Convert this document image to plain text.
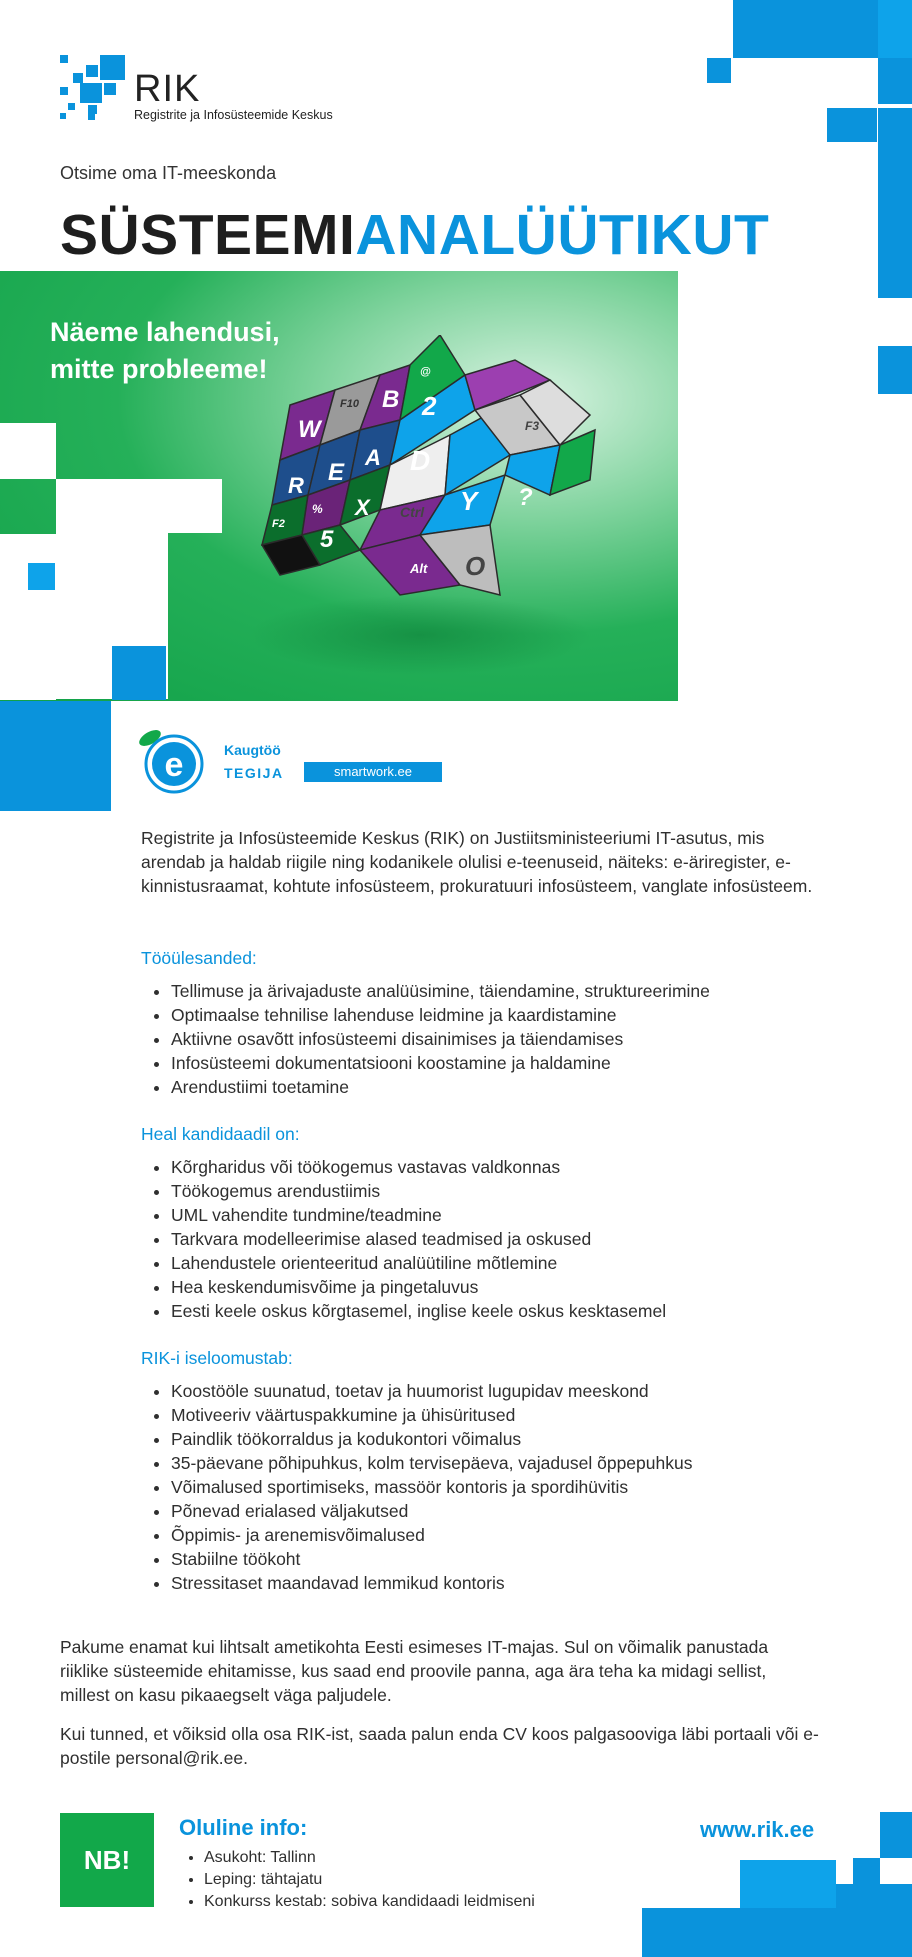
RIK
Registrite ja Infosüsteemide Keskus
Otsime oma IT-meeskonda
SÜSTEEMIANALÜÜTIKUT
Näeme lahendusi,
mitte probleeme!
W
F10 B
@
2
R E
A D
F3
F2
%
5
X Ctrl Y ?
Alt O
e	Kaugtöö
TEGIJA	smartwork.ee
Registrite ja Infosüsteemide Keskus (RIK) on Justiitsministeeriumi IT-asutus, mis arendab ja haldab riigile ning kodanikele olulisi e-teenuseid, näiteks: e-äriregister, e-kinnistusraamat, kohtute infosüsteem, prokuratuuri infosüsteem, vanglate infosüsteem.
Tööülesanded:
• Tellimuse ja ärivajaduste analüüsimine, täiendamine, struktureerimine
• Optimaalse tehnilise lahenduse leidmine ja kaardistamine
• Aktiivne osavõtt infosüsteemi disainimises ja täiendamises
• Infosüsteemi dokumentatsiooni koostamine ja haldamine
• Arendustiimi toetamine
Heal kandidaadil on:
• Kõrgharidus või töökogemus vastavas valdkonnas
• Töökogemus arendustiimis
• UML vahendite tundmine/teadmine
• Tarkvara modelleerimise alased teadmised ja oskused
• Lahendustele orienteeritud analüütiline mõtlemine
• Hea keskendumisvõime ja pingetaluvus
• Eesti keele oskus kõrgtasemel, inglise keele oskus kesktasemel
RIK-i iseloomustab:
• Koostööle suunatud, toetav ja huumorist lugupidav meeskond
• Motiveeriv väärtuspakkumine ja ühisüritused
• Paindlik töökorraldus ja kodukontori võimalus
• 35-päevane põhipuhkus, kolm tervisepäeva, vajadusel õppepuhkus
• Võimalused sportimiseks, massöör kontoris ja spordihüvitis
• Põnevad erialased väljakutsed
• Õppimis- ja arenemisvõimalused
• Stabiilne töökoht
• Stressitaset maandavad lemmikud kontoris
Pakume enamat kui lihtsalt ametikohta Eesti esimeses IT-majas. Sul on võimalik panustada riiklike süsteemide ehitamisse, kus saad end proovile panna, aga ära teha ka midagi sellist, millest on kasu pikaaegselt väga paljudele.
Kui tunned, et võiksid olla osa RIK-ist, saada palun enda CV koos palgasooviga läbi portaali või e-postile personal@rik.ee.
NB!
Oluline info:
• Asukoht: Tallinn
• Leping: tähtajatu
• Konkurss kestab: sobiva kandidaadi leidmiseni
www.rik.ee
